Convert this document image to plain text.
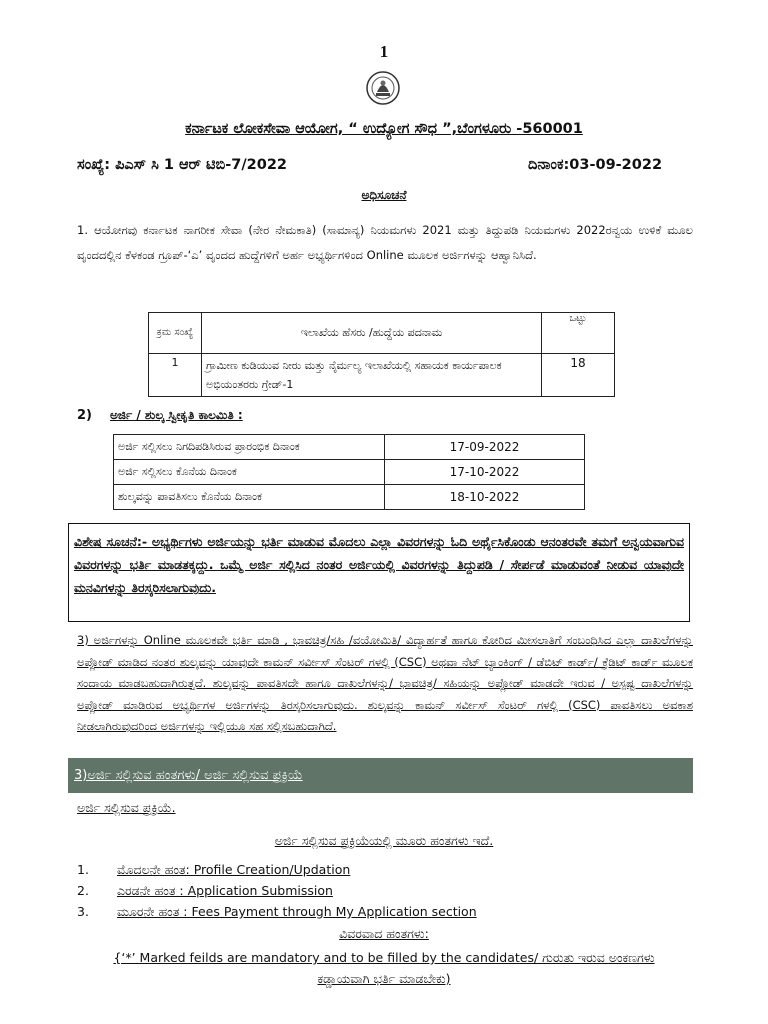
1
ಕರ್ನಾಟಕ ಲೋಕಸೇವಾ ಆಯೋಗ, “ ಉದ್ಯೋಗ ಸೌಧ ”,ಬೆಂಗಳೂರು -560001
ಸಂಖ್ಯೆ: ಪಿಎಸ್ ಸಿ 1 ಆರ್ ಟಿಬಿ-7/2022	ದಿನಾಂಕ:03-09-2022
ಅಧಿಸೂಚನೆ
1. ಆಯೋಗವು ಕರ್ನಾಟಕ ನಾಗರೀಕ ಸೇವಾ (ನೇರ ನೇಮಕಾತಿ) (ಸಾಮಾನ್ಯ) ನಿಯಮಗಳು 2021 ಮತ್ತು ತಿದ್ದುಪಡಿ ನಿಯಮಗಳು 2022ರನ್ವಯ ಉಳಿಕೆ ಮೂಲ ವೃಂದದಲ್ಲಿನ ಕೆಳಕಂಡ ಗ್ರೂಪ್-‘ಎ’ ವೃಂದದ ಹುದ್ದೆಗಳಿಗೆ ಅರ್ಹ ಅಭ್ಯರ್ಥಿಗಳಿಂದ Online ಮೂಲಕ ಅರ್ಜಿಗಳನ್ನು ಆಹ್ವಾನಿಸಿದೆ.
ಕ್ರಮ ಸಂಖ್ಯೆ	ಇಲಾಖೆಯ ಹೆಸರು /ಹುದ್ದೆಯ ಪದನಾಮ	ಒಟ್ಟು
1	ಗ್ರಾಮೀಣ ಕುಡಿಯುವ ನೀರು ಮತ್ತು ನೈರ್ಮಲ್ಯ ಇಲಾಖೆಯಲ್ಲಿ ಸಹಾಯಕ ಕಾರ್ಯಪಾಲಕ ಅಭಿಯಂತರರು ಗ್ರೇಡ್-1	18
2) ಅರ್ಜಿ / ಶುಲ್ಕ ಸ್ವೀಕೃತಿ ಕಾಲಮಿತಿ :
ಅರ್ಜಿ ಸಲ್ಲಿಸಲು ನಿಗದಿಪಡಿಸಿರುವ ಪ್ರಾರಂಭಿಕ ದಿನಾಂಕ	17-09-2022
ಅರ್ಜಿ ಸಲ್ಲಿಸಲು ಕೊನೆಯ ದಿನಾಂಕ	17-10-2022
ಶುಲ್ಕವನ್ನು ಪಾವತಿಸಲು ಕೊನೆಯ ದಿನಾಂಕ	18-10-2022
ವಿಶೇಷ ಸೂಚನೆ:- ಅಭ್ಯರ್ಥಿಗಳು ಅರ್ಜಿಯನ್ನು ಭರ್ತಿ ಮಾಡುವ ಮೊದಲು ಎಲ್ಲಾ ವಿವರಗಳನ್ನು ಓದಿ ಅರ್ಥೈಸಿಕೊಂಡು ಆನಂತರವೇ ತಮಗೆ ಅನ್ವಯವಾಗುವ ವಿವರಗಳನ್ನು ಭರ್ತಿ ಮಾಡತಕ್ಕದ್ದು. ಒಮ್ಮೆ ಅರ್ಜಿ ಸಲ್ಲಿಸಿದ ನಂತರ ಅರ್ಜಿಯಲ್ಲಿ ವಿವರಗಳನ್ನು ತಿದ್ದುಪಡಿ / ಸೇರ್ಪಡೆ ಮಾಡುವಂತೆ ನೀಡುವ ಯಾವುದೇ ಮನವಿಗಳನ್ನು ತಿರಸ್ಕರಿಸಲಾಗುವುದು.
3) ಅರ್ಜಿಗಳನ್ನು Online ಮೂಲಕವೇ ಭರ್ತಿ ಮಾಡಿ , ಭಾವಚಿತ್ರ/ಸಹಿ /ವಯೋಮಿತಿ/ ವಿದ್ಯಾರ್ಹತೆ ಹಾಗೂ ಕೋರಿದ ಮೀಸಲಾತಿಗೆ ಸಂಬಂಧಿಸಿದ ಎಲ್ಲಾ ದಾಖಲೆಗಳನ್ನು ಅಪ್ಲೋಡ್ ಮಾಡಿದ ನಂತರ ಶುಲ್ಕವನ್ನು ಯಾವುದೇ ಕಾಮನ್ ಸರ್ವೀಸ್ ಸೆಂಟರ್ ಗಳಲ್ಲಿ (CSC) ಅಥವಾ ನೆಟ್ ಬ್ಯಾಂಕಿಂಗ್ / ಡೆಬಿಟ್ ಕಾರ್ಡ್/ ಕ್ರೆಡಿಟ್ ಕಾರ್ಡ್ ಮೂಲಕ ಸಂದಾಯ ಮಾಡಬಹುದಾಗಿರುತ್ತದೆ. ಶುಲ್ಕವನ್ನು ಪಾವತಿಸದೇ ಹಾಗೂ ದಾಖಲೆಗಳನ್ನು/ ಭಾವಚಿತ್ರ/ ಸಹಿಯನ್ನು ಅಪ್ಲೋಡ್ ಮಾಡದೇ ಇರುವ / ಅಸ್ಪಷ್ಟ ದಾಖಲೆಗಳನ್ನು ಅಪ್ಲೋಡ್ ಮಾಡಿರುವ ಅಭ್ಯರ್ಥಿಗಳ ಅರ್ಜಿಗಳನ್ನು ತಿರಸ್ಕರಿಸಲಾಗುವುದು. ಶುಲ್ಕವನ್ನು ಕಾಮನ್ ಸರ್ವೀಸ್ ಸೆಂಟರ್ ಗಳಲ್ಲಿ (CSC) ಪಾವತಿಸಲು ಅವಕಾಶ ನೀಡಲಾಗಿರುವುದರಿಂದ ಅರ್ಜಿಗಳನ್ನು ಇಲ್ಲಿಯೂ ಸಹ ಸಲ್ಲಿಸಬಹುದಾಗಿದೆ.
3)ಅರ್ಜಿ ಸಲ್ಲಿಸುವ ಹಂತಗಳು/ ಅರ್ಜಿ ಸಲ್ಲಿಸುವ ಪ್ರಕ್ರಿಯೆ
ಅರ್ಜಿ ಸಲ್ಲಿಸುವ ಪ್ರಕ್ರಿಯೆ.
ಅರ್ಜಿ ಸಲ್ಲಿಸುವ ಪ್ರಕ್ರಿಯೆಯಲ್ಲಿ ಮೂರು ಹಂತಗಳು ಇದೆ.
1.	ಮೊದಲನೇ ಹಂತ: Profile Creation/Updation
2.	ಎರಡನೇ ಹಂತ : Application Submission
3.	ಮೂರನೇ ಹಂತ : Fees Payment through My Application section
ವಿವರವಾದ ಹಂತಗಳು:
{‘*’ Marked feilds are mandatory and to be filled by the candidates/ ಗುರುತು ಇರುವ ಅಂಕಣಗಳು ಕಡ್ಡಾಯವಾಗಿ ಭರ್ತಿ ಮಾಡಬೇಕು)
